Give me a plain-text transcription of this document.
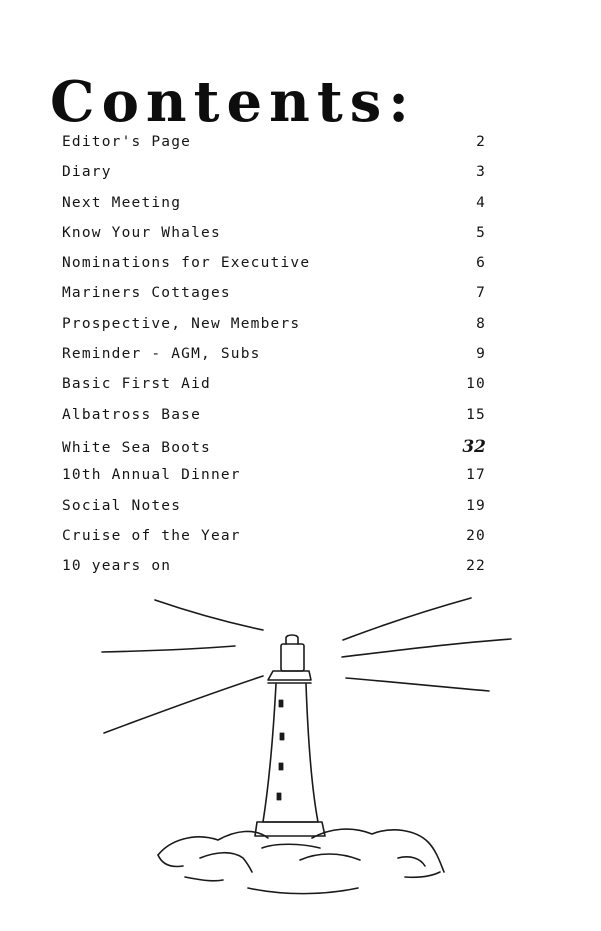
Contents:
Editor's Page	2
Diary	3
Next Meeting	4
Know Your Whales	5
Nominations for Executive	6
Mariners Cottages	7
Prospective, New Members	8
Reminder - AGM, Subs	9
Basic First Aid	10
Albatross Base	15
White Sea Boots	32
10th Annual Dinner	17
Social Notes	19
Cruise of the Year	20
10 years on	22
